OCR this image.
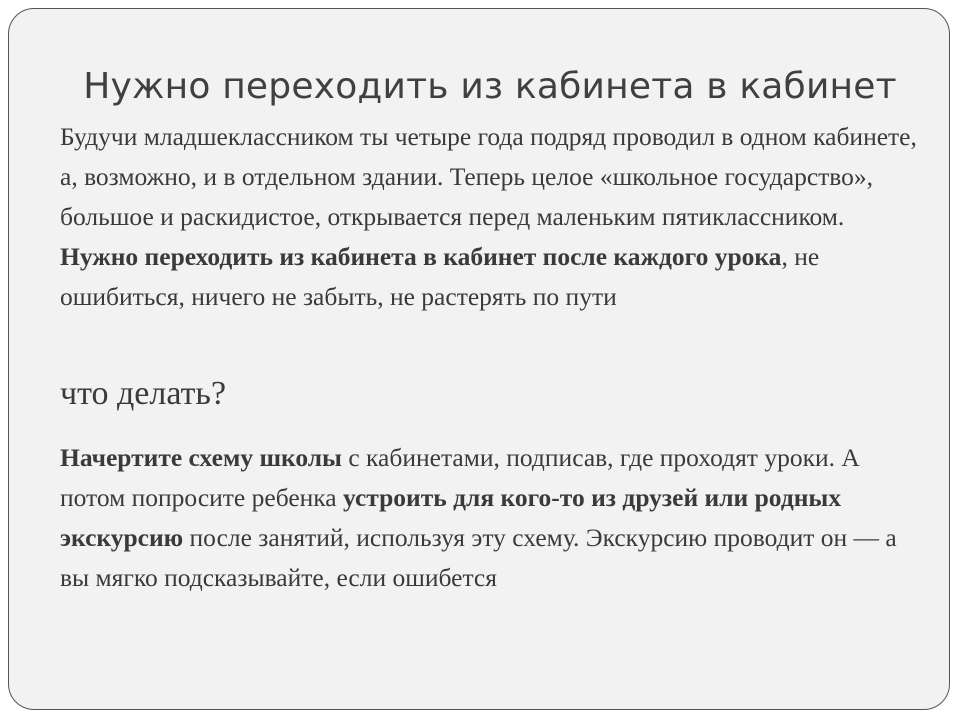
Нужно переходить из кабинета в кабинет
Будучи младшеклассником ты четыре года подряд проводил в одном кабинете, а, возможно, и в отдельном здании. Теперь целое «школьное государство», большое и раскидистое, открывается перед маленьким пятиклассником. Нужно переходить из кабинета в кабинет после каждого урока, не ошибиться, ничего не забыть, не растерять по пути
что делать?
Начертите схему школы с кабинетами, подписав, где проходят уроки. А потом попросите ребенка устроить для кого-то из друзей или родных экскурсию после занятий, используя эту схему. Экскурсию проводит он — а вы мягко подсказывайте, если ошибется
